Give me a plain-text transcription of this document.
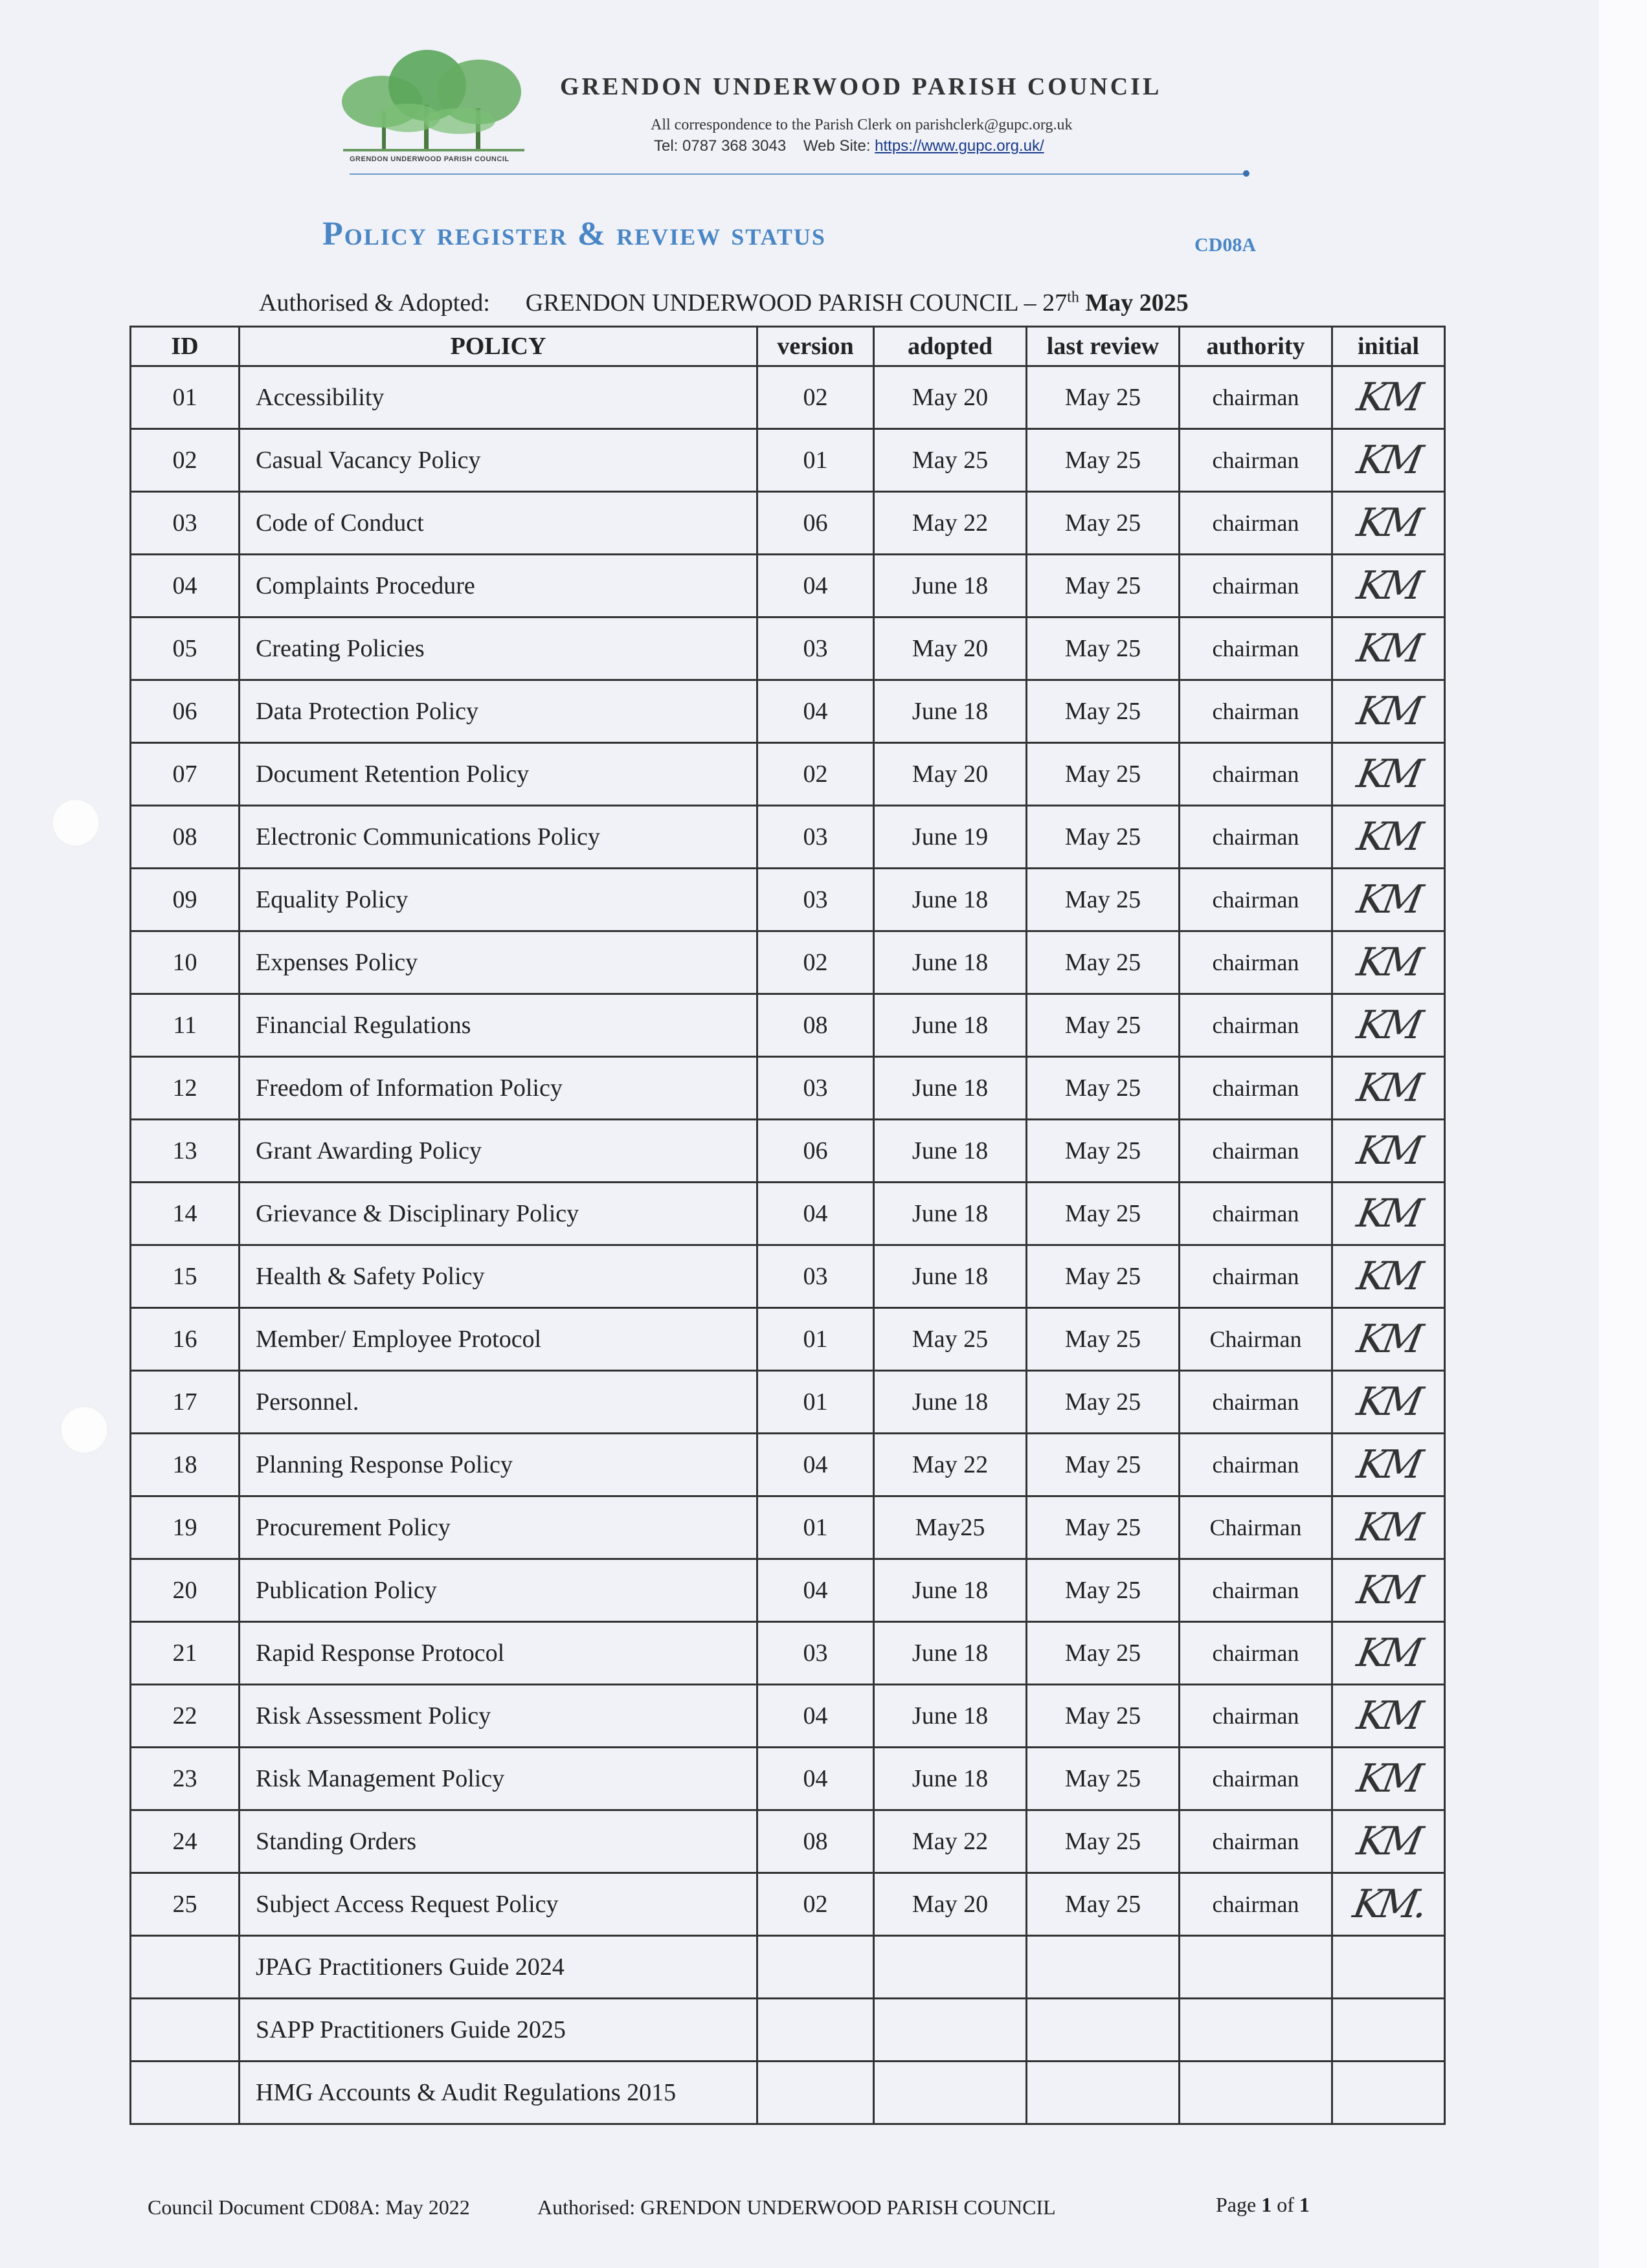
GRENDON UNDERWOOD PARISH COUNCIL
GRENDON UNDERWOOD PARISH COUNCIL
All correspondence to the Parish Clerk on parishclerk@gupc.org.uk
Tel: 0787 368 3043 Web Site: https://www.gupc.org.uk/
Policy register & review status	CD08A
Authorised & Adopted: GRENDON UNDERWOOD PARISH COUNCIL – 27th May 2025
ID	POLICY	version	adopted	last review	authority	initial
01	Accessibility	02	May 20	May 25	chairman	KM
02	Casual Vacancy Policy	01	May 25	May 25	chairman	KM
03	Code of Conduct	06	May 22	May 25	chairman	KM
04	Complaints Procedure	04	June 18	May 25	chairman	KM
05	Creating Policies	03	May 20	May 25	chairman	KM
06	Data Protection Policy	04	June 18	May 25	chairman	KM
07	Document Retention Policy	02	May 20	May 25	chairman	KM
08	Electronic Communications Policy	03	June 19	May 25	chairman	KM
09	Equality Policy	03	June 18	May 25	chairman	KM
10	Expenses Policy	02	June 18	May 25	chairman	KM
11	Financial Regulations	08	June 18	May 25	chairman	KM
12	Freedom of Information Policy	03	June 18	May 25	chairman	KM
13	Grant Awarding Policy	06	June 18	May 25	chairman	KM
14	Grievance & Disciplinary Policy	04	June 18	May 25	chairman	KM
15	Health & Safety Policy	03	June 18	May 25	chairman	KM
16	Member/ Employee Protocol	01	May 25	May 25	Chairman	KM
17	Personnel.	01	June 18	May 25	chairman	KM
18	Planning Response Policy	04	May 22	May 25	chairman	KM
19	Procurement Policy	01	May25	May 25	Chairman	KM
20	Publication Policy	04	June 18	May 25	chairman	KM
21	Rapid Response Protocol	03	June 18	May 25	chairman	KM
22	Risk Assessment Policy	04	June 18	May 25	chairman	KM
23	Risk Management Policy	04	June 18	May 25	chairman	KM
24	Standing Orders	08	May 22	May 25	chairman	KM
25	Subject Access Request Policy	02	May 20	May 25	chairman	KM.
	JPAG Practitioners Guide 2024					
	SAPP Practitioners Guide 2025					
	HMG Accounts & Audit Regulations 2015					
Council Document CD08A: May 2022	Authorised: GRENDON UNDERWOOD PARISH COUNCIL	Page 1 of 1
